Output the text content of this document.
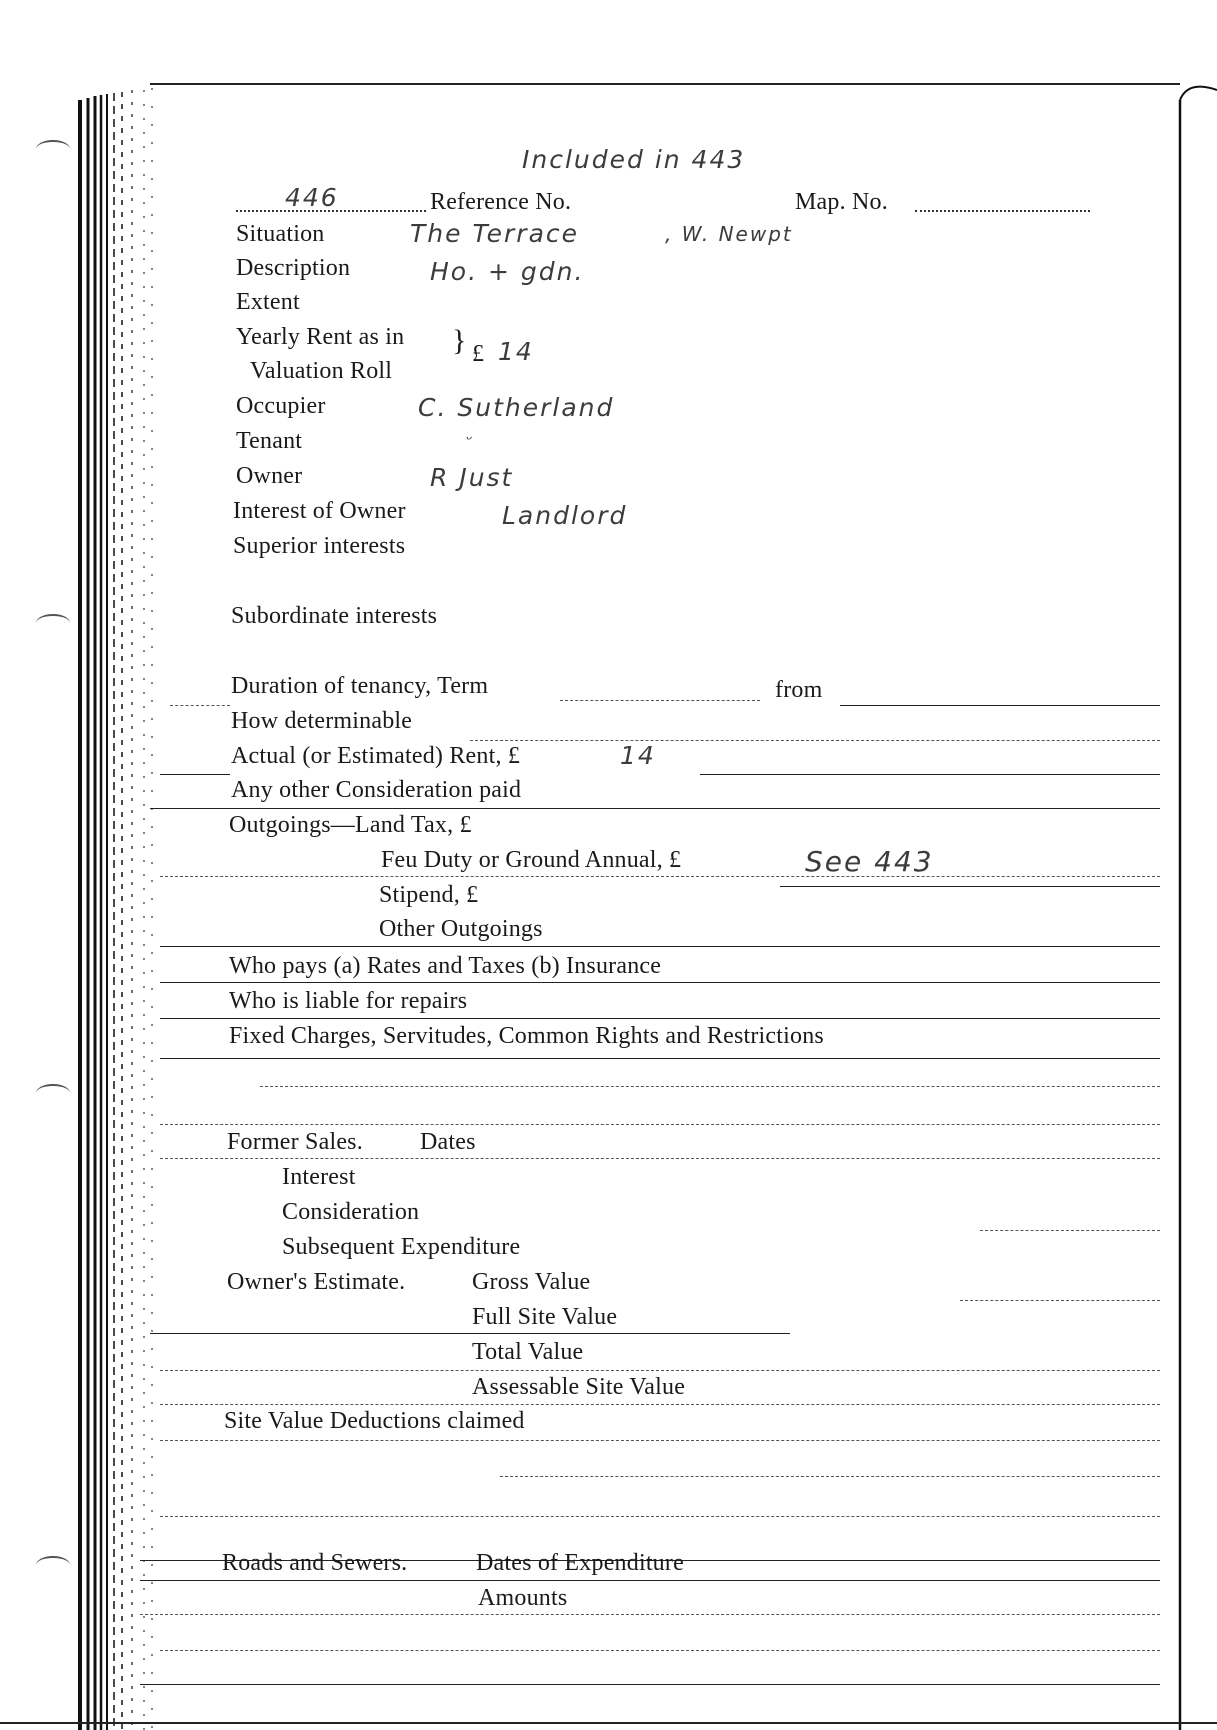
Included in 443
446	Reference No.	Map. No.
Situation	The Terrace	, W. Newpt
Description	Ho. + gdn.
Extent
Yearly Rent as in
Valuation Roll
} £ 14
Occupier	C. Sutherland
Tenant	ᵕ
Owner	R Just
Interest of Owner	Landlord
Superior interests
Subordinate interests
Duration of tenancy, Term	from
How determinable
Actual (or Estimated) Rent, £	14
Any other Consideration paid
Outgoings—Land Tax, £
Feu Duty or Ground Annual, £	See 443
Stipend, £
Other Outgoings
Who pays (a) Rates and Taxes (b) Insurance
Who is liable for repairs
Fixed Charges, Servitudes, Common Rights and Restrictions
Former Sales. Dates
Interest
Consideration
Subsequent Expenditure
Owner's Estimate.	Gross Value
Full Site Value
Total Value
Assessable Site Value
Site Value Deductions claimed
Roads and Sewers.	Dates of Expenditure
Amounts
